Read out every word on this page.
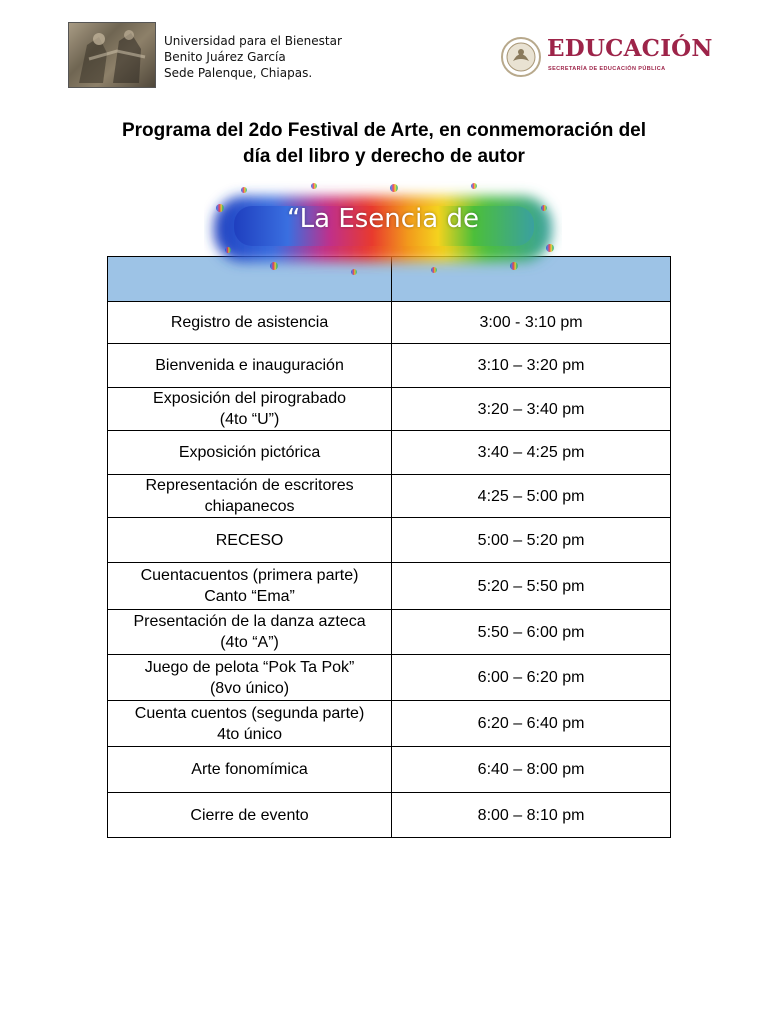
Universidad para el Bienestar
Benito Juárez García
Sede Palenque, Chiapas.
EDUCACIÓN
SECRETARÍA DE EDUCACIÓN PÚBLICA
Programa del 2do Festival de Arte, en conmemoración del
día del libro y derecho de autor
“La Esencia de

Registro de asistencia	3:00 - 3:10 pm

Bienvenida e inauguración	3:10 – 3:20 pm

Exposición del pirograbado
(4to “U”)	3:20 – 3:40 pm

Exposición pictórica	3:40 – 4:25 pm

Representación de escritores
chiapanecos	4:25 – 5:00 pm

RECESO	5:00 – 5:20 pm

Cuentacuentos (primera parte)
Canto “Ema”	5:20 – 5:50 pm

Presentación de la danza azteca
(4to “A”)	5:50 – 6:00 pm

Juego de pelota “Pok Ta Pok”
(8vo único)	6:00 – 6:20 pm

Cuenta cuentos (segunda parte)
4to único	6:20 – 6:40 pm

Arte fonomímica	6:40 – 8:00 pm

Cierre de evento	8:00 – 8:10 pm
